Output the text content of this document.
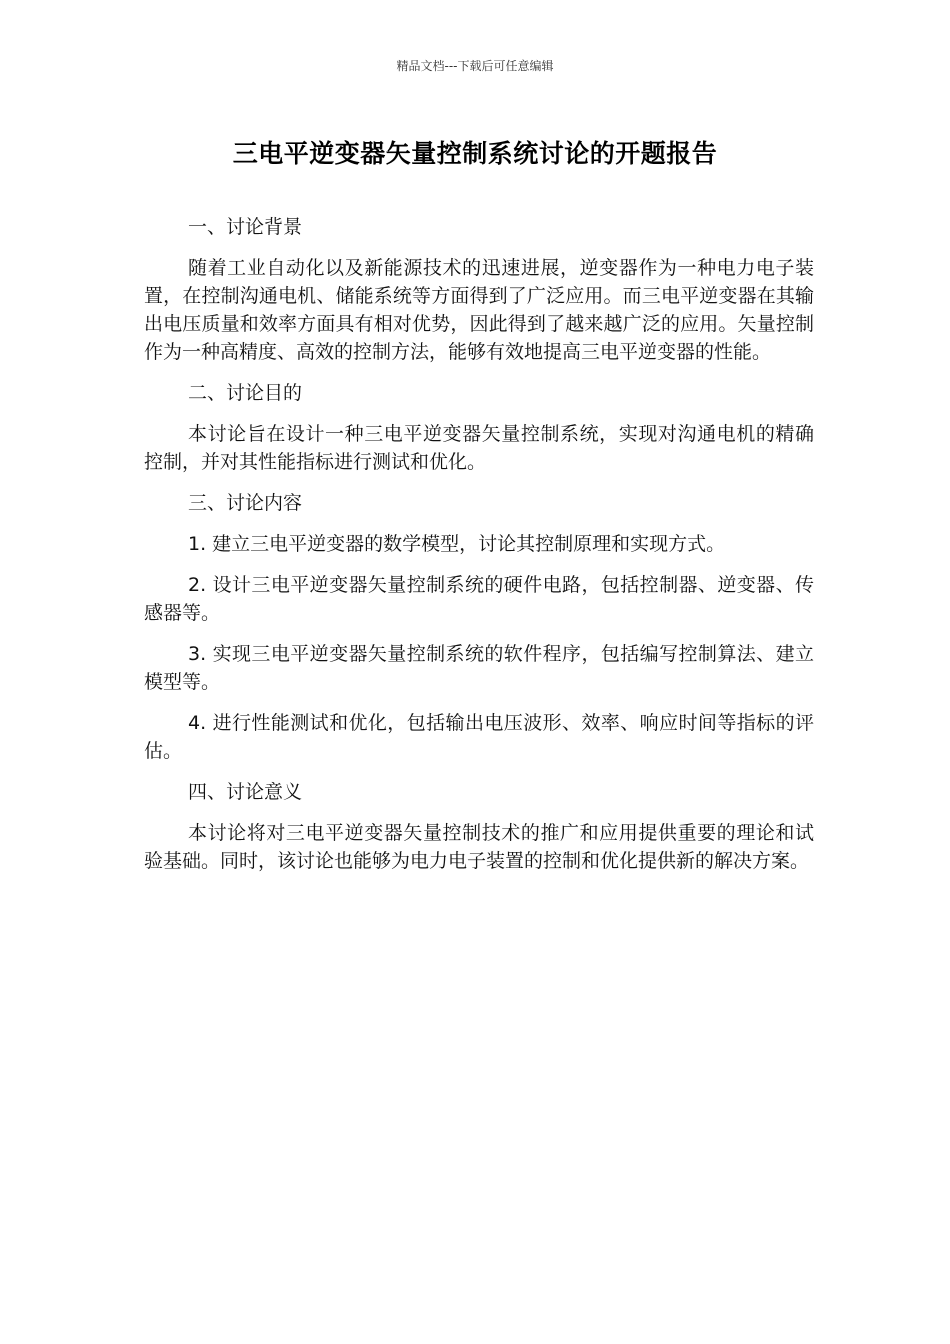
精品文档---下载后可任意编辑
三电平逆变器矢量控制系统讨论的开题报告

一、讨论背景

随着工业自动化以及新能源技术的迅速进展，逆变器作为一种电力电子装置，在控制沟通电机、储能系统等方面得到了广泛应用。而三电平逆变器在其输出电压质量和效率方面具有相对优势，因此得到了越来越广泛的应用。矢量控制作为一种高精度、高效的控制方法，能够有效地提高三电平逆变器的性能。

二、讨论目的

本讨论旨在设计一种三电平逆变器矢量控制系统，实现对沟通电机的精确控制，并对其性能指标进行测试和优化。

三、讨论内容

1. 建立三电平逆变器的数学模型，讨论其控制原理和实现方式。

2. 设计三电平逆变器矢量控制系统的硬件电路，包括控制器、逆变器、传感器等。

3. 实现三电平逆变器矢量控制系统的软件程序，包括编写控制算法、建立模型等。

4. 进行性能测试和优化，包括输出电压波形、效率、响应时间等指标的评估。

四、讨论意义

本讨论将对三电平逆变器矢量控制技术的推广和应用提供重要的理论和试验基础。同时，该讨论也能够为电力电子装置的控制和优化提供新的解决方案。
